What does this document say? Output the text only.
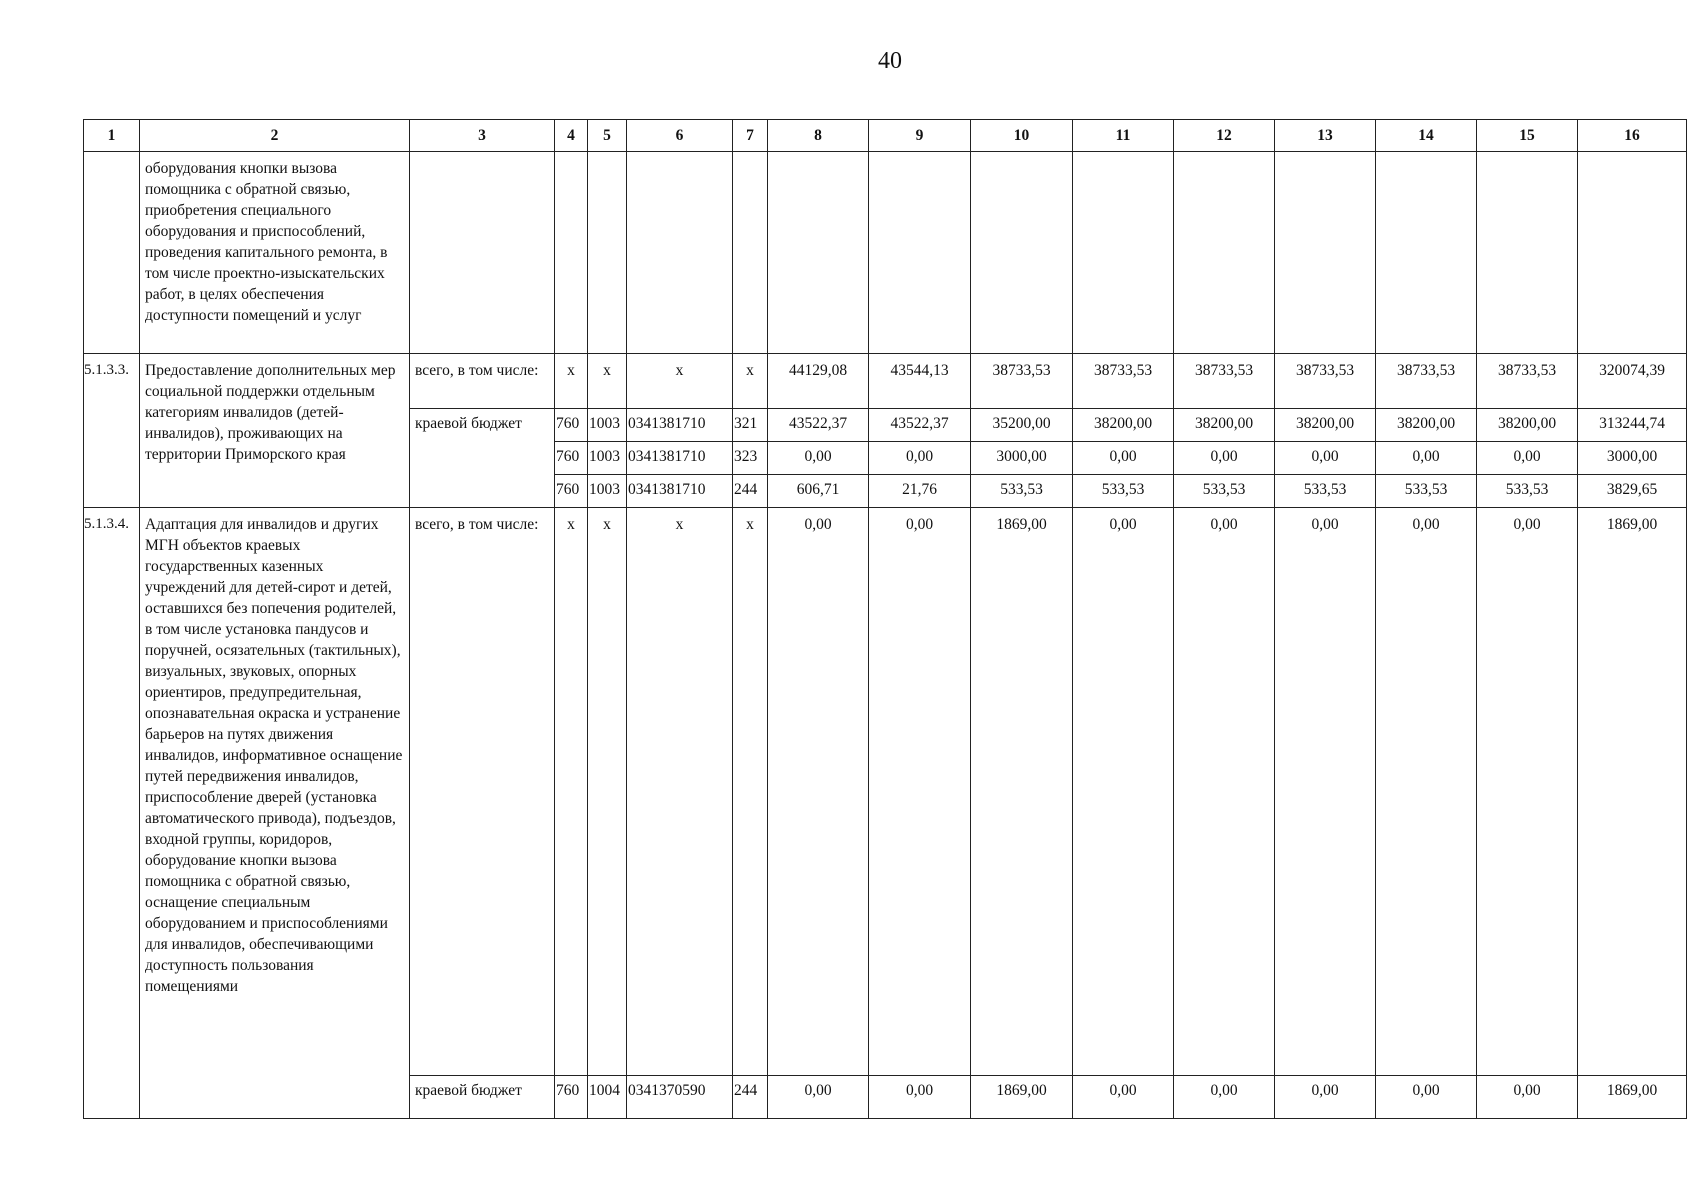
40
1	2	3	4	5	6	7	8	9	10	11	12	13	14	15	16
	оборудования кнопки вызова помощника с обратной связью, приобретения специального оборудования и приспособлений, проведения капитального ремонта, в том числе проектно-изыскательских работ, в целях обеспечения доступности помещений и услуг														
5.1.3.3.	Предоставление дополнительных мер социальной поддержки отдельным категориям инвалидов (детей-инвалидов), проживающих на территории Приморского края	всего, в том числе:	х	х	х	х	44129,08	43544,13	38733,53	38733,53	38733,53	38733,53	38733,53	38733,53	320074,39
		краевой бюджет	760	1003	0341381710	321	43522,37	43522,37	35200,00	38200,00	38200,00	38200,00	38200,00	38200,00	313244,74
			760	1003	0341381710	323	0,00	0,00	3000,00	0,00	0,00	0,00	0,00	0,00	3000,00
			760	1003	0341381710	244	606,71	21,76	533,53	533,53	533,53	533,53	533,53	533,53	3829,65
5.1.3.4.	Адаптация для инвалидов и других МГН объектов краевых государственных казенных учреждений для детей-сирот и детей, оставшихся без попечения родителей, в том числе установка пандусов и поручней, осязательных (тактильных), визуальных, звуковых, опорных ориентиров, предупредительная, опознавательная окраска и устранение барьеров на путях движения инвалидов, информативное оснащение путей передвижения инвалидов, приспособление дверей (установка автоматического привода), подъездов, входной группы, коридоров, оборудование кнопки вызова помощника с обратной связью, оснащение специальным оборудованием и приспособлениями для инвалидов, обеспечивающими доступность пользования помещениями	всего, в том числе:	х	х	х	х	0,00	0,00	1869,00	0,00	0,00	0,00	0,00	0,00	1869,00
		краевой бюджет	760	1004	0341370590	244	0,00	0,00	1869,00	0,00	0,00	0,00	0,00	0,00	1869,00
